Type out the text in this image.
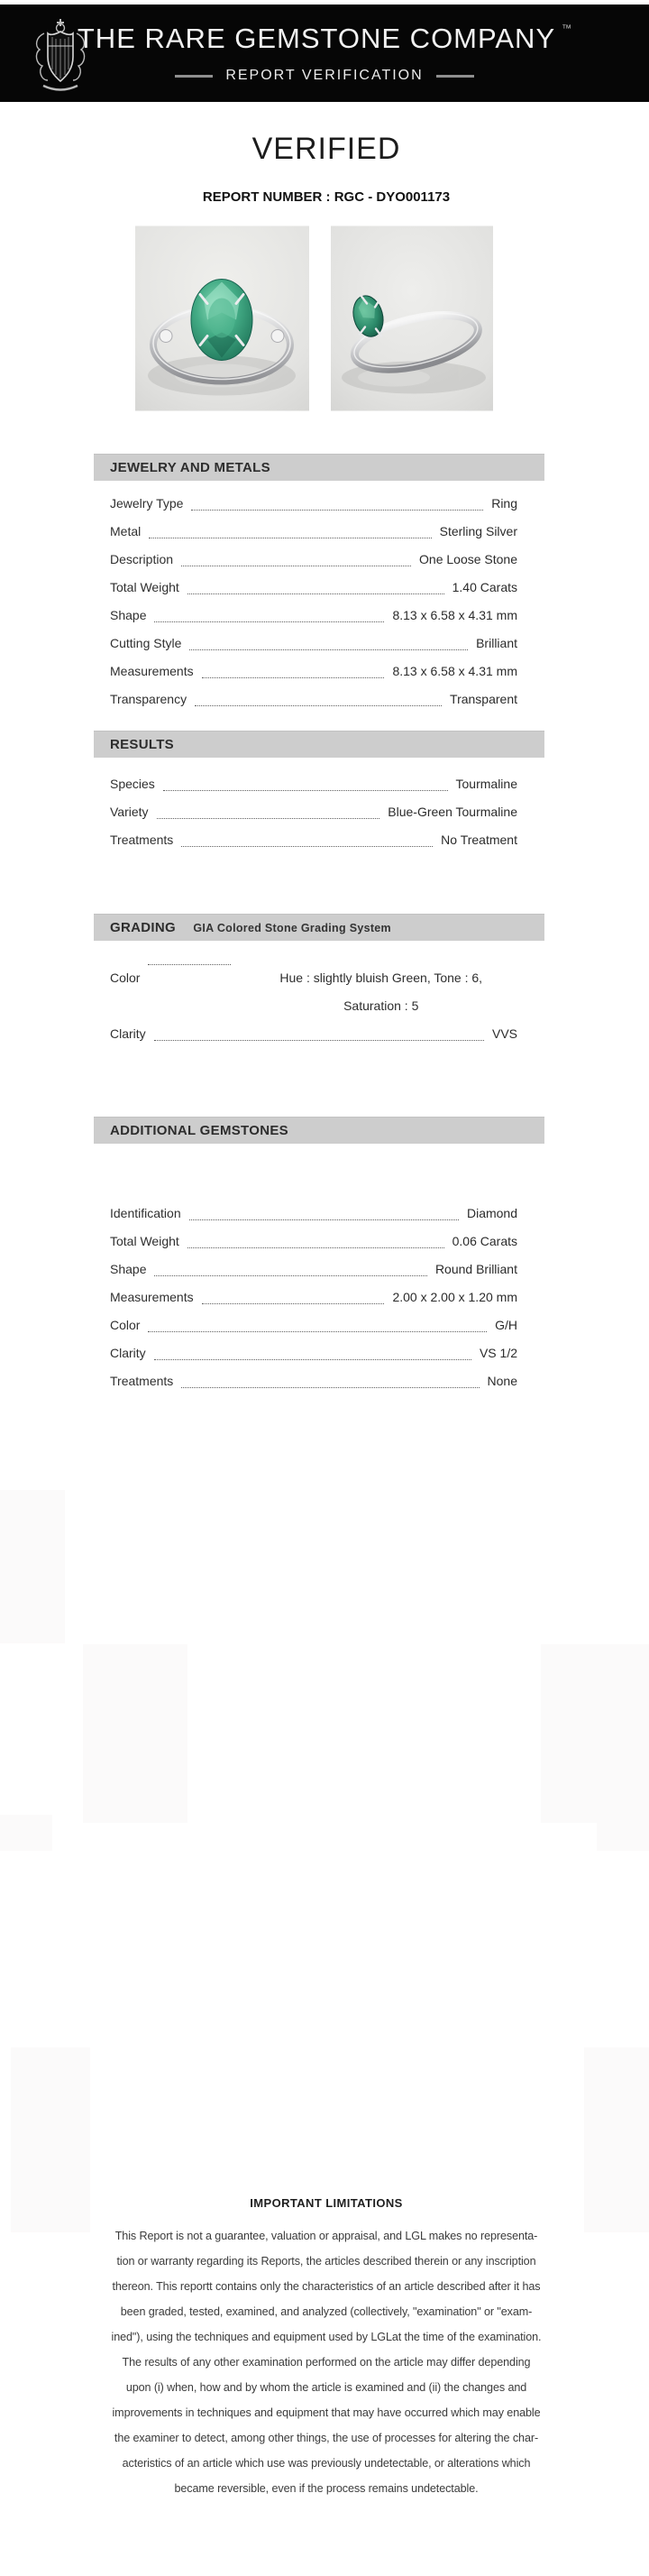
THE RARE GEMSTONE COMPANY ™
REPORT VERIFICATION
VERIFIED
REPORT NUMBER : RGC - DYO001173
JEWELRY AND METALS
Jewelry Type	Ring
Metal	Sterling Silver
Description	One Loose Stone
Total Weight	1.40 Carats
Shape	8.13 x 6.58 x 4.31 mm
Cutting Style	Brilliant
Measurements	8.13 x 6.58 x 4.31 mm
Transparency	Transparent
RESULTS
Species	Tourmaline
Variety	Blue-Green Tourmaline
Treatments	No Treatment
GRADING GIA Colored Stone Grading System
Color	Hue : slightly bluish Green, Tone : 6, Saturation : 5
Clarity	VVS
ADDITIONAL GEMSTONES
Identification	Diamond
Total Weight	0.06 Carats
Shape	Round Brilliant
Measurements	2.00 x 2.00 x 1.20 mm
Color	G/H
Clarity	VS 1/2
Treatments	None
IMPORTANT LIMITATIONS
This Report is not a guarantee, valuation or appraisal, and LGL makes no representa-
tion or warranty regarding its Reports, the articles described therein or any inscription
thereon. This reportt contains only the characteristics of an article described after it has
been graded, tested, examined, and analyzed (collectively, "examination" or "exam-
ined"), using the techniques and equipment used by LGLat the time of the examination.
The results of any other examination performed on the article may differ depending
upon (i) when, how and by whom the article is examined and (ii) the changes and
improvements in techniques and equipment that may have occurred which may enable
the examiner to detect, among other things, the use of processes for altering the char-
acteristics of an article which use was previously undetectable, or alterations which
became reversible, even if the process remains undetectable.
